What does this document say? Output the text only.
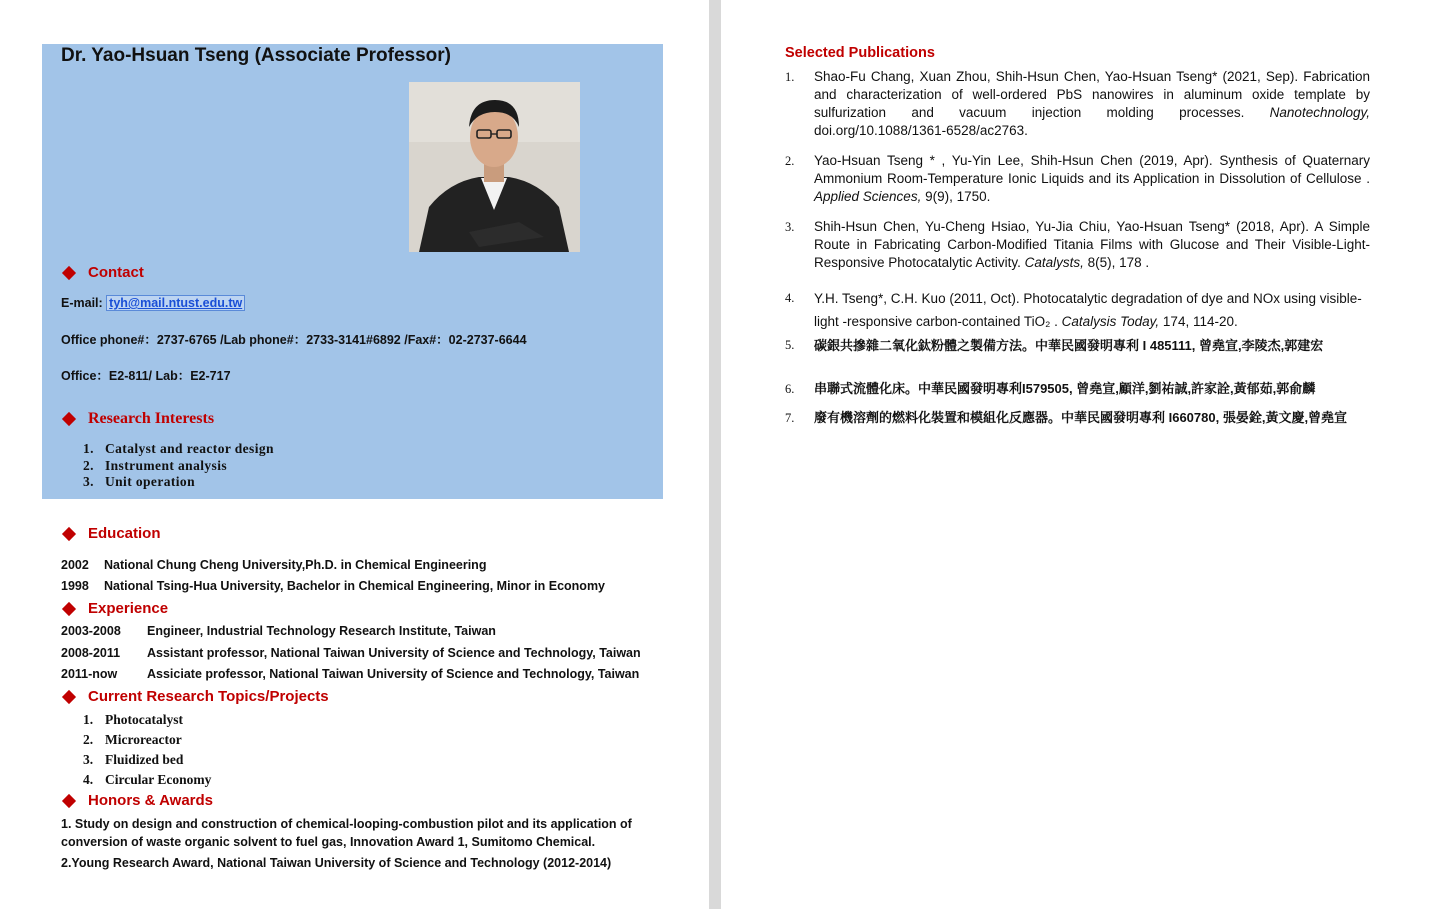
Dr. Yao-Hsuan Tseng (Associate Professor)
Contact
E-mail: tyh@mail.ntust.edu.tw
Office phone#：2737-6765 /Lab phone#：2733-3141#6892 /Fax#：02-2737-6644
Office：E2-811/ Lab：E2-717
Research Interests
1. Catalyst and reactor design
2. Instrument analysis
3. Unit operation
Education
2002	National Chung Cheng University,Ph.D. in Chemical Engineering
1998	National Tsing-Hua University, Bachelor in Chemical Engineering, Minor in Economy
Experience
2003-2008	Engineer, Industrial Technology Research Institute, Taiwan
2008-2011	Assistant professor, National Taiwan University of Science and Technology, Taiwan
2011-now	Assiciate professor, National Taiwan University of Science and Technology, Taiwan
Current Research Topics/Projects
1. Photocatalyst
2. Microreactor
3. Fluidized bed
4. Circular Economy
Honors & Awards
1. Study on design and construction of chemical-looping-combustion pilot and its application of
conversion of waste organic solvent to fuel gas, Innovation Award 1, Sumitomo Chemical.
2.Young Research Award, National Taiwan University of Science and Technology (2012-2014)
Selected Publications
1.	Shao-Fu Chang, Xuan Zhou, Shih-Hsun Chen, Yao-Hsuan Tseng* (2021, Sep). Fabrication and characterization of well-ordered PbS nanowires in aluminum oxide template by sulfurization and vacuum injection molding processes. Nanotechnology, doi.org/10.1088/1361-6528/ac2763.
2.	Yao-Hsuan Tseng * , Yu-Yin Lee, Shih-Hsun Chen (2019, Apr). Synthesis of Quaternary Ammonium Room-Temperature Ionic Liquids and its Application in Dissolution of Cellulose . Applied Sciences, 9(9), 1750.
3.	Shih-Hsun Chen, Yu-Cheng Hsiao, Yu-Jia Chiu, Yao-Hsuan Tseng* (2018, Apr). A Simple Route in Fabricating Carbon-Modified Titania Films with Glucose and Their Visible-Light-Responsive Photocatalytic Activity. Catalysts, 8(5), 178 .
4.	Y.H. Tseng*, C.H. Kuo (2011, Oct). Photocatalytic degradation of dye and NOx using visible-light -responsive carbon-contained TiO₂ . Catalysis Today, 174, 114-20.
5.	碳銀共摻雜二氧化鈦粉體之製備方法。中華民國發明專利 I 485111, 曾堯宣,李陵杰,郭建宏
6.	串聯式流體化床。中華民國發明專利I579505, 曾堯宣,顧洋,劉祐誠,許家詮,黃郁茹,郭俞麟
7.	廢有機溶劑的燃料化裝置和模組化反應器。中華民國發明專利 I660780, 張晏銓,黃文慶,曾堯宣
